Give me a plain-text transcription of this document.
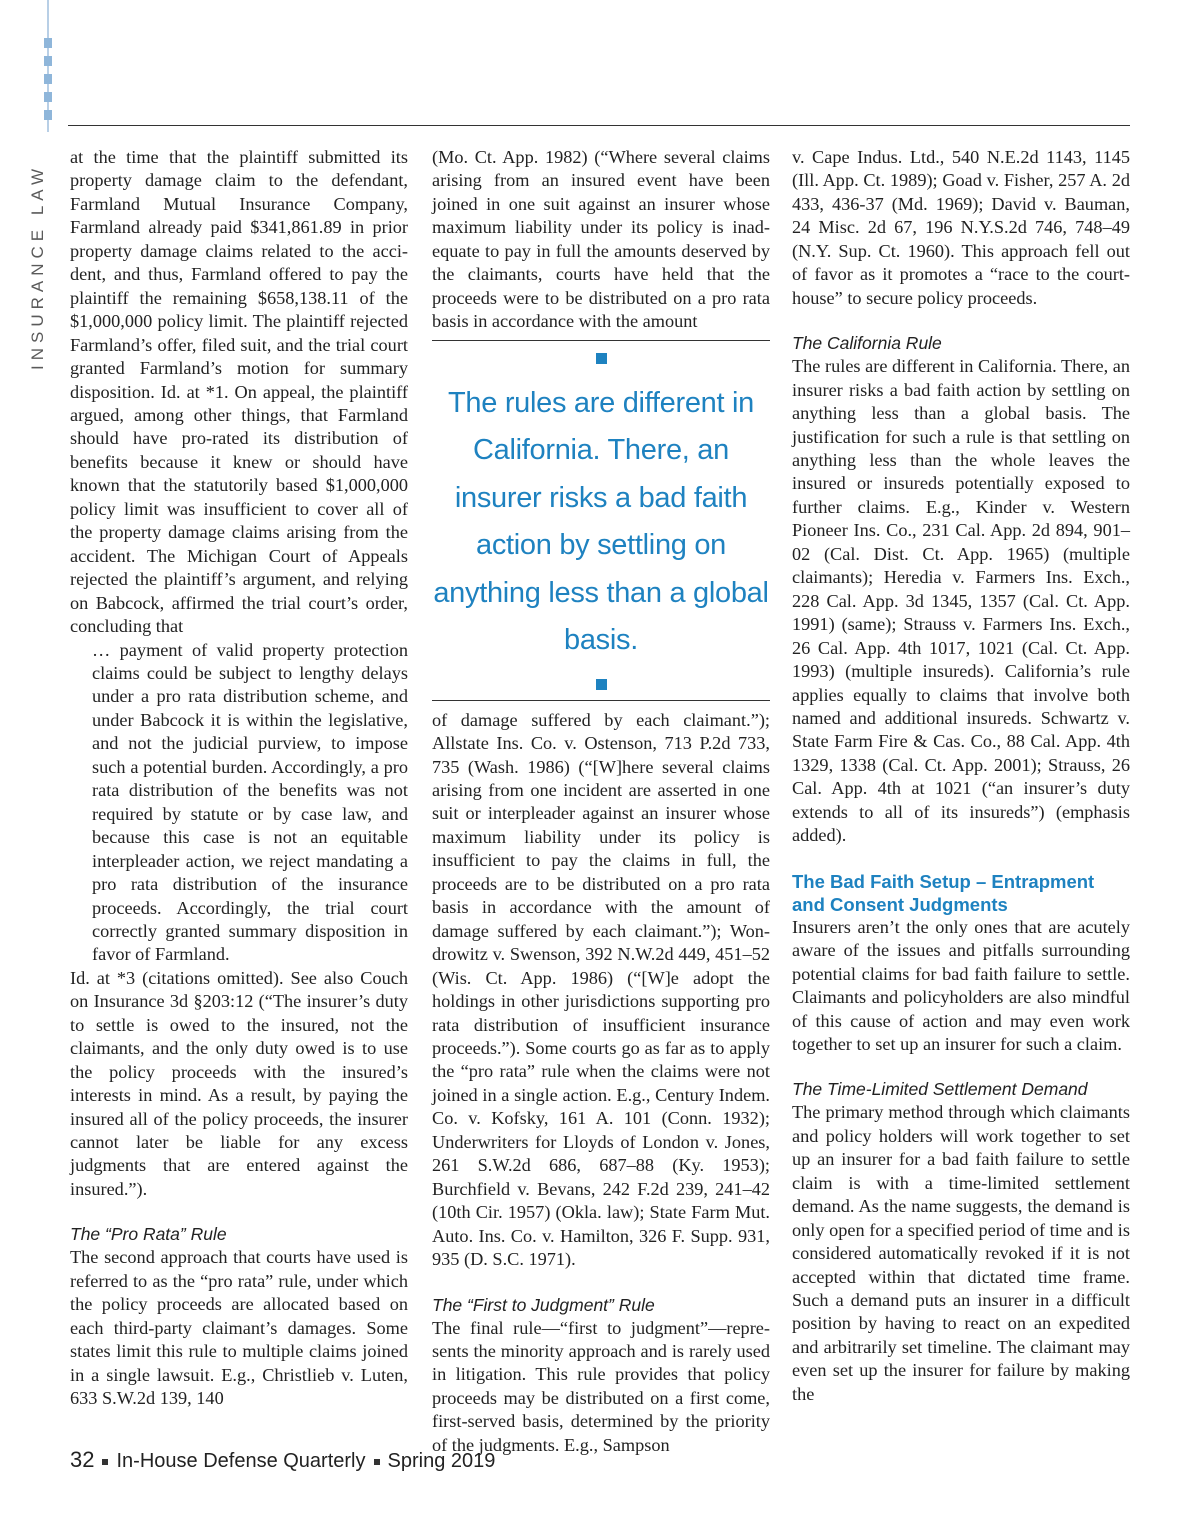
INSURANCE LAW

at the time that the plaintiff submitted its property damage claim to the defendant, Farmland Mutual Insurance Company, Farmland already paid $341,861.89 in prior property damage claims related to the accident, and thus, Farmland offered to pay the plaintiff the remaining $658,138.11 of the $1,000,000 policy limit. The plaintiff rejected Farmland’s offer, filed suit, and the trial court granted Farmland’s motion for summary disposition. Id. at *1. On appeal, the plaintiff argued, among other things, that Farmland should have pro-rated its distribution of benefits because it knew or should have known that the statutorily based $1,000,000 policy limit was insufficient to cover all of the property damage claims arising from the accident. The Michigan Court of Appeals rejected the plaintiff’s argument, and relying on Babcock, affirmed the trial court’s order, concluding that

… payment of valid property protection claims could be subject to lengthy delays under a pro rata distribution scheme, and under Babcock it is within the legislative, and not the judicial purview, to impose such a potential burden. Accordingly, a pro rata distribution of the benefits was not required by statute or by case law, and because this case is not an equitable interpleader action, we reject mandating a pro rata distribution of the insurance proceeds. Accordingly, the trial court correctly granted summary disposition in favor of Farmland.

Id. at *3 (citations omitted). See also Couch on Insurance 3d §203:12 (“The insurer’s duty to settle is owed to the insured, not the claimants, and the only duty owed is to use the policy proceeds with the insured’s interests in mind. As a result, by paying the insured all of the policy proceeds, the insurer cannot later be liable for any excess judgments that are entered against the insured.”).

The “Pro Rata” Rule

The second approach that courts have used is referred to as the “pro rata” rule, under which the policy proceeds are allocated based on each third-party claimant’s damages. Some states limit this rule to multiple claims joined in a single lawsuit. E.g., Christlieb v. Luten, 633 S.W.2d 139, 140

(Mo. Ct. App. 1982) (“Where several claims arising from an insured event have been joined in one suit against an insurer whose maximum liability under its policy is inadequate to pay in full the amounts deserved by the claimants, courts have held that the proceeds were to be distributed on a pro rata basis in accordance with the amount

The rules are different in California. There, an insurer risks a bad faith action by settling on anything less than a global basis.

of damage suffered by each claimant.”); Allstate Ins. Co. v. Ostenson, 713 P.2d 733, 735 (Wash. 1986) (“[W]here several claims arising from one incident are asserted in one suit or interpleader against an insurer whose maximum liability under its policy is insufficient to pay the claims in full, the proceeds are to be distributed on a pro rata basis in accordance with the amount of damage suffered by each claimant.”); Wondrowitz v. Swenson, 392 N.W.2d 449, 451–52 (Wis. Ct. App. 1986) (“[W]e adopt the holdings in other jurisdictions supporting pro rata distribution of insufficient insurance proceeds.”). Some courts go as far as to apply the “pro rata” rule when the claims were not joined in a single action. E.g., Century Indem. Co. v. Kofsky, 161 A. 101 (Conn. 1932); Underwriters for Lloyds of London v. Jones, 261 S.W.2d 686, 687–88 (Ky. 1953); Burchfield v. Bevans, 242 F.2d 239, 241–42 (10th Cir. 1957) (Okla. law); State Farm Mut. Auto. Ins. Co. v. Hamilton, 326 F. Supp. 931, 935 (D. S.C. 1971).

The “First to Judgment” Rule

The final rule—“first to judgment”—represents the minority approach and is rarely used in litigation. This rule provides that policy proceeds may be distributed on a first come, first-served basis, determined by the priority of the judgments. E.g., Sampson

v. Cape Indus. Ltd., 540 N.E.2d 1143, 1145 (Ill. App. Ct. 1989); Goad v. Fisher, 257 A. 2d 433, 436-37 (Md. 1969); David v. Bauman, 24 Misc. 2d 67, 196 N.Y.S.2d 746, 748–49 (N.Y. Sup. Ct. 1960). This approach fell out of favor as it promotes a “race to the courthouse” to secure policy proceeds.

The California Rule

The rules are different in California. There, an insurer risks a bad faith action by settling on anything less than a global basis. The justification for such a rule is that settling on anything less than the whole leaves the insured or insureds potentially exposed to further claims. E.g., Kinder v. Western Pioneer Ins. Co., 231 Cal. App. 2d 894, 901–02 (Cal. Dist. Ct. App. 1965) (multiple claimants); Heredia v. Farmers Ins. Exch., 228 Cal. App. 3d 1345, 1357 (Cal. Ct. App. 1991) (same); Strauss v. Farmers Ins. Exch., 26 Cal. App. 4th 1017, 1021 (Cal. Ct. App. 1993) (multiple insureds). California’s rule applies equally to claims that involve both named and additional insureds. Schwartz v. State Farm Fire & Cas. Co., 88 Cal. App. 4th 1329, 1338 (Cal. Ct. App. 2001); Strauss, 26 Cal. App. 4th at 1021 (“an insurer’s duty extends to all of its insureds”) (emphasis added).

The Bad Faith Setup – Entrapment and Consent Judgments

Insurers aren’t the only ones that are acutely aware of the issues and pitfalls surrounding potential claims for bad faith failure to settle. Claimants and policyholders are also mindful of this cause of action and may even work together to set up an insurer for such a claim.

The Time-Limited Settlement Demand

The primary method through which claimants and policy holders will work together to set up an insurer for a bad faith failure to settle claim is with a time-limited settlement demand. As the name suggests, the demand is only open for a specified period of time and is considered automatically revoked if it is not accepted within that dictated time frame. Such a demand puts an insurer in a difficult position by having to react on an expedited and arbitrarily set timeline. The claimant may even set up the insurer for failure by making the

32 In-House Defense Quarterly Spring 2019
